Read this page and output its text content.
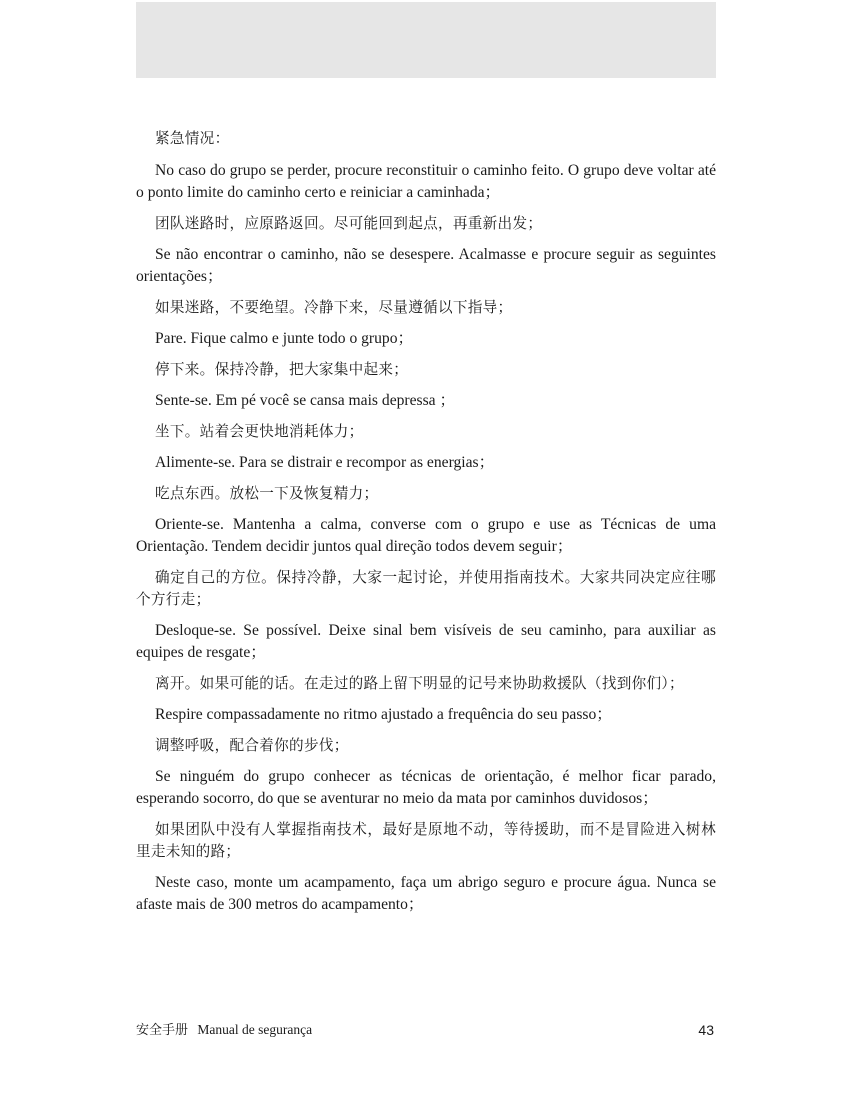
紧急情况：

No caso do grupo se perder, procure reconstituir o caminho feito. O grupo deve voltar até o ponto limite do caminho certo e reiniciar a caminhada；

团队迷路时，应原路返回。尽可能回到起点，再重新出发；

Se não encontrar o caminho, não se desespere. Acalmasse e procure seguir as seguintes orientações；

如果迷路，不要绝望。冷静下来，尽量遵循以下指导；

Pare. Fique calmo e junte todo o grupo；

停下来。保持冷静，把大家集中起来；

Sente-se. Em pé você se cansa mais depressa ；

坐下。站着会更快地消耗体力；

Alimente-se. Para se distrair e recompor as energias；

吃点东西。放松一下及恢复精力；

Oriente-se. Mantenha a calma, converse com o grupo e use as Técnicas de uma Orientação. Tendem decidir juntos qual direção todos devem seguir；

确定自己的方位。保持冷静，大家一起讨论，并使用指南技术。大家共同决定应往哪个方行走；

Desloque-se. Se possível. Deixe sinal bem visíveis de seu caminho, para auxiliar as equipes de resgate；

离开。如果可能的话。在走过的路上留下明显的记号来协助救援队（找到你们）；

Respire compassadamente no ritmo ajustado a frequência do seu passo；

调整呼吸，配合着你的步伐；

Se ninguém do grupo conhecer as técnicas de orientação, é melhor ficar parado, esperando socorro, do que se aventurar no meio da mata por caminhos duvidosos；

如果团队中没有人掌握指南技术，最好是原地不动，等待援助，而不是冒险进入树林里走未知的路；

Neste caso, monte um acampamento, faça um abrigo seguro e procure água. Nunca se afaste mais de 300 metros do acampamento；

安全手册 Manual de segurança	43
